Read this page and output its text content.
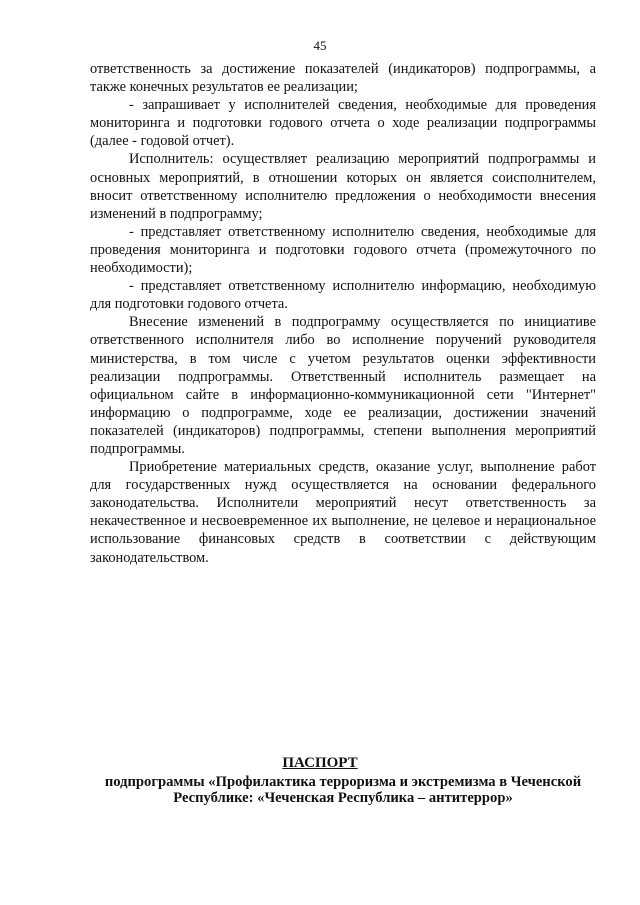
45

ответственность за достижение показателей (индикаторов) подпрограммы, а также конечных результатов ее реализации;

- запрашивает у исполнителей сведения, необходимые для проведения мониторинга и подготовки годового отчета о ходе реализации подпрограммы (далее - годовой отчет).

Исполнитель: осуществляет реализацию мероприятий подпрограммы и основных мероприятий, в отношении которых он является соисполнителем, вносит ответственному исполнителю предложения о необходимости внесения изменений в подпрограмму;

- представляет ответственному исполнителю сведения, необходимые для проведения мониторинга и подготовки годового отчета (промежуточного по необходимости);

- представляет ответственному исполнителю информацию, необходимую для подготовки годового отчета.

Внесение изменений в подпрограмму осуществляется по инициативе ответственного исполнителя либо во исполнение поручений руководителя министерства, в том числе с учетом результатов оценки эффективности реализации подпрограммы. Ответственный исполнитель размещает на официальном сайте в информационно-коммуникационной сети "Интернет" информацию о подпрограмме, ходе ее реализации, достижении значений показателей (индикаторов) подпрограммы, степени выполнения мероприятий подпрограммы.

Приобретение материальных средств, оказание услуг, выполнение работ для государственных нужд осуществляется на основании федерального законодательства. Исполнители мероприятий несут ответственность за некачественное и несвоевременное их выполнение, не целевое и нерациональное использование финансовых средств в соответствии с действующим законодательством.

ПАСПОРТ
подпрограммы «Профилактика терроризма и экстремизма в Чеченской Республике: «Чеченская Республика – антитеррор»
